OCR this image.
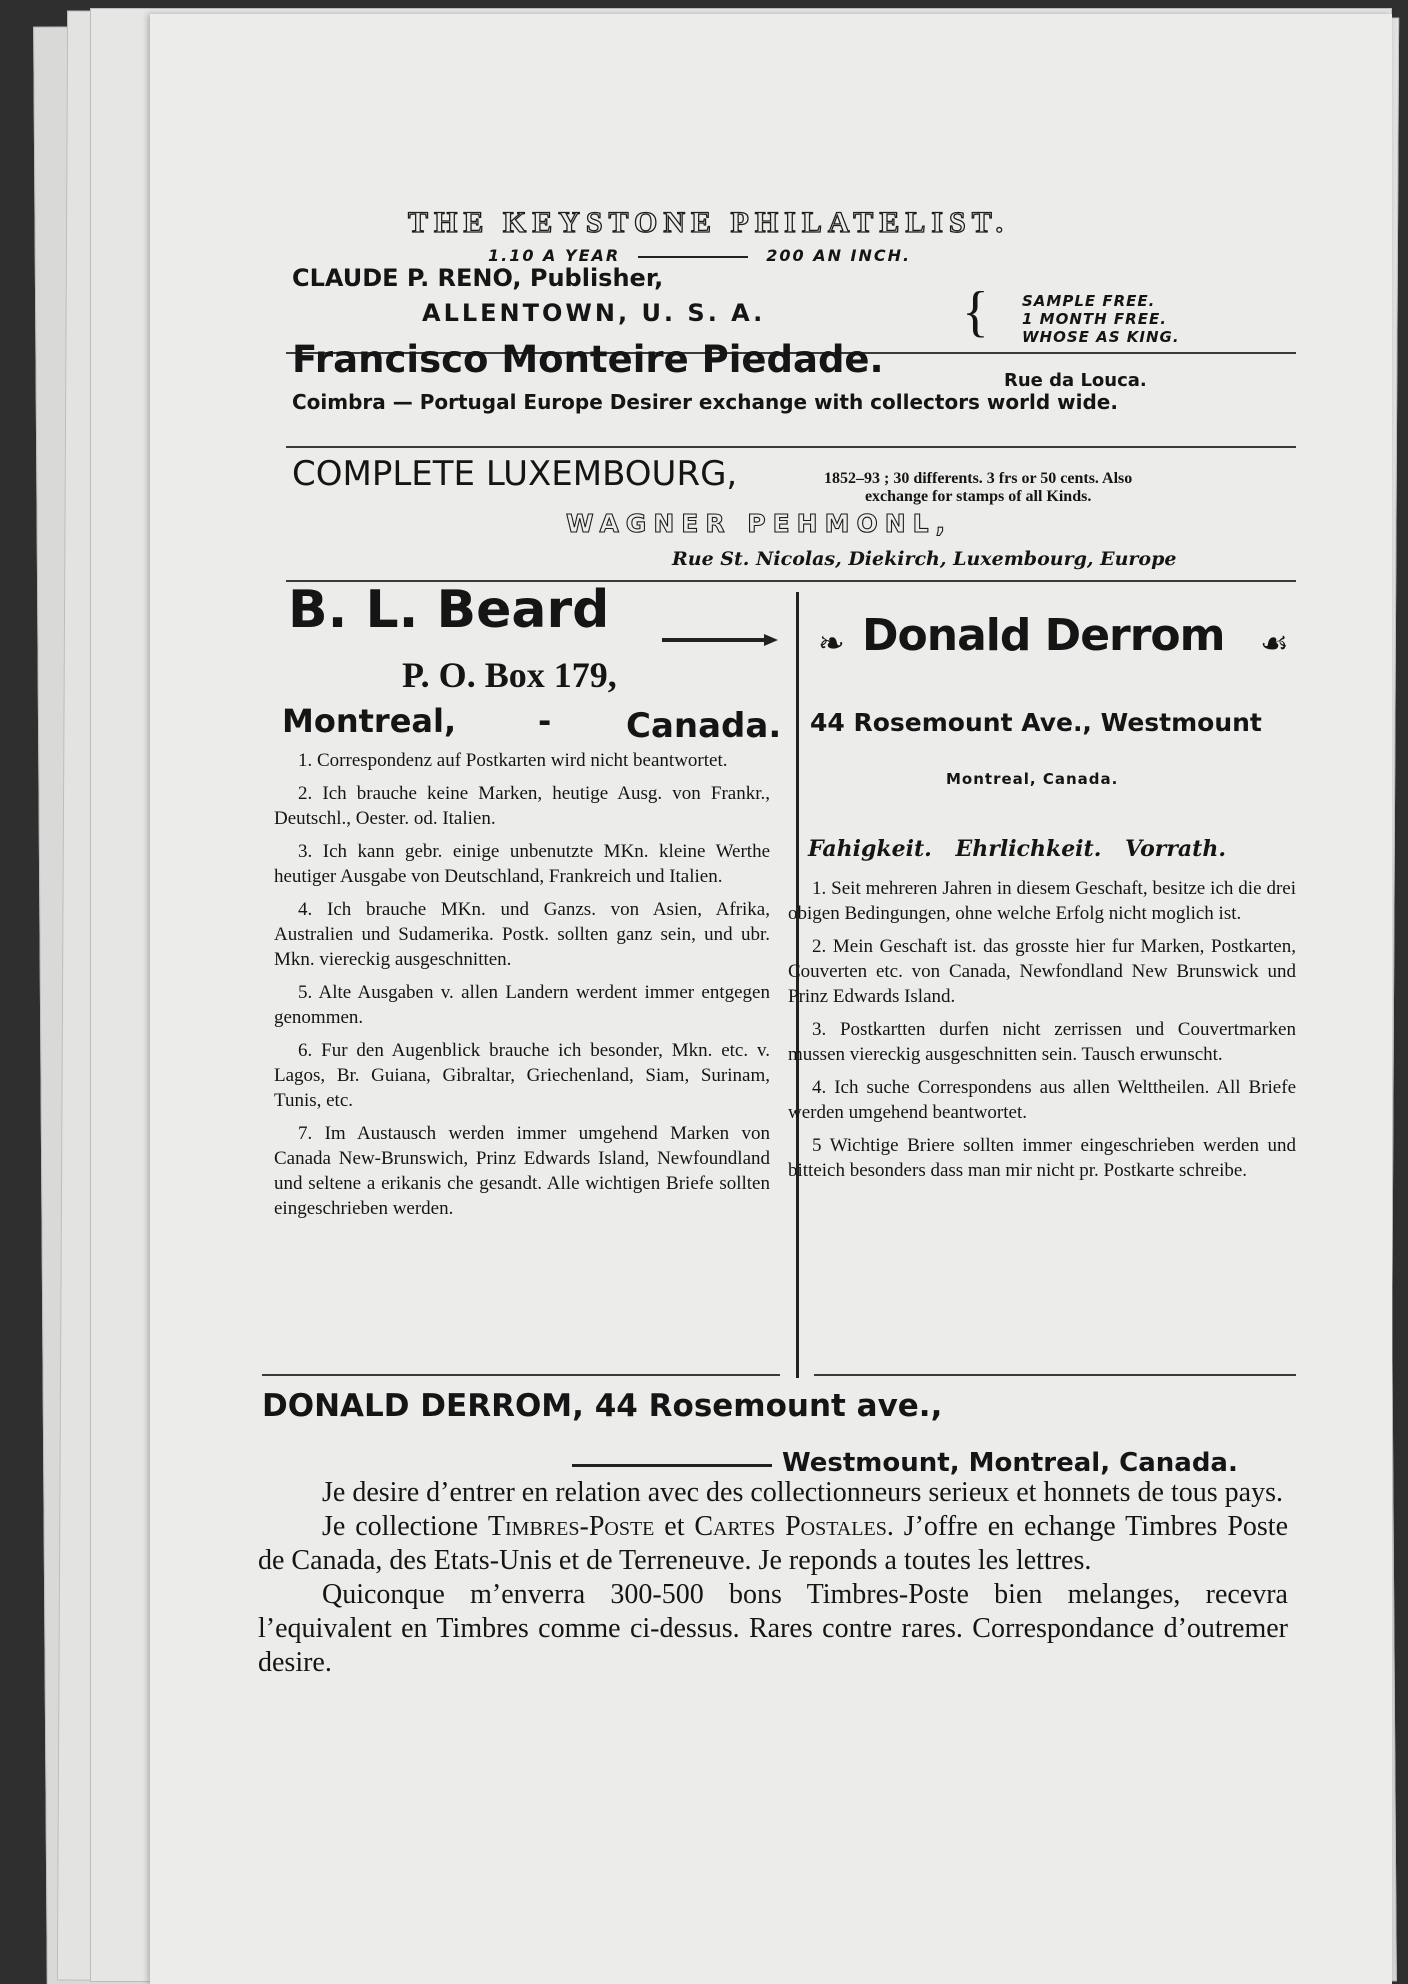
THE KEYSTONE PHILATELIST.
1.10 A YEAR	200 AN INCH.
CLAUDE P. RENO, Publisher,
ALLENTOWN, U. S. A.	{ SAMPLE FREE.
1 MONTH FREE.
WHOSE AS KING.
Francisco Monteire Piedade.	Rue da Louca.
Coimbra — Portugal Europe Desirer exchange with collectors world wide.
COMPLETE LUXEMBOURG,	1852–93 ; 30 differents. 3 frs or 50 cents. Also
exchange for stamps of all Kinds.
WAGNER PEHMONL,
Rue St. Nicolas, Diekirch, Luxembourg, Europe
B. L. Beard
P. O. Box 179,
Montreal,	- Canada.

1. Correspondenz auf Postkarten wird nicht beantwortet.

2. Ich brauche keine Marken, heutige Ausg. von Frankr., Deutschl., Oester. od. Italien.

3. Ich kann gebr. einige unbenutzte MKn. kleine Werthe heutiger Ausgabe von Deutschland, Frankreich und Italien.

4. Ich brauche MKn. und Ganzs. von Asien, Afrika, Australien und Sudamerika. Postk. sollten ganz sein, und ubr. Mkn. viereckig ausgeschnitten.

5. Alte Ausgaben v. allen Landern werdent immer entgegen genommen.

6. Fur den Augenblick brauche ich besonder, Mkn. etc. v. Lagos, Br. Guiana, Gibraltar, Griechenland, Siam, Surinam, Tunis, etc.

7. Im Austausch werden immer umgehend Marken von Canada New-Brunswich, Prinz Edwards Island, Newfoundland und seltene a erikanis che gesandt. Alle wichtigen Briefe sollten eingeschrieben werden.

❧ Donald Derrom ☙
44 Rosemount Ave., Westmount
Montreal, Canada.
Fahigkeit. Ehrlichkeit. Vorrath.

1. Seit mehreren Jahren in diesem Geschaft, besitze ich die drei obigen Bedingungen, ohne welche Erfolg nicht moglich ist.

2. Mein Geschaft ist. das grosste hier fur Marken, Postkarten, Couverten etc. von Canada, Newfondland New Brunswick und Prinz Edwards Island.

3. Postkartten durfen nicht zerrissen und Couvertmarken mussen viereckig ausgeschnitten sein. Tausch erwunscht.

4. Ich suche Correspondens aus allen Welttheilen. All Briefe werden umgehend beantwortet.

5 Wichtige Briere sollten immer eingeschrieben werden und bitteich besonders dass man mir nicht pr. Postkarte schreibe.

DONALD DERROM, 44 Rosemount ave.,
Westmount, Montreal, Canada.

Je desire d’entrer en relation avec des collectionneurs serieux et honnets de tous pays.

Je collectione Timbres-Poste et Cartes Postales. J’offre en echange Timbres Poste de Canada, des Etats-Unis et de Terreneuve. Je reponds a toutes les lettres.

Quiconque m’enverra 300-500 bons Timbres-Poste bien melanges, recevra l’equivalent en Timbres comme ci-dessus. Rares contre rares. Correspondance d’outremer desire.
